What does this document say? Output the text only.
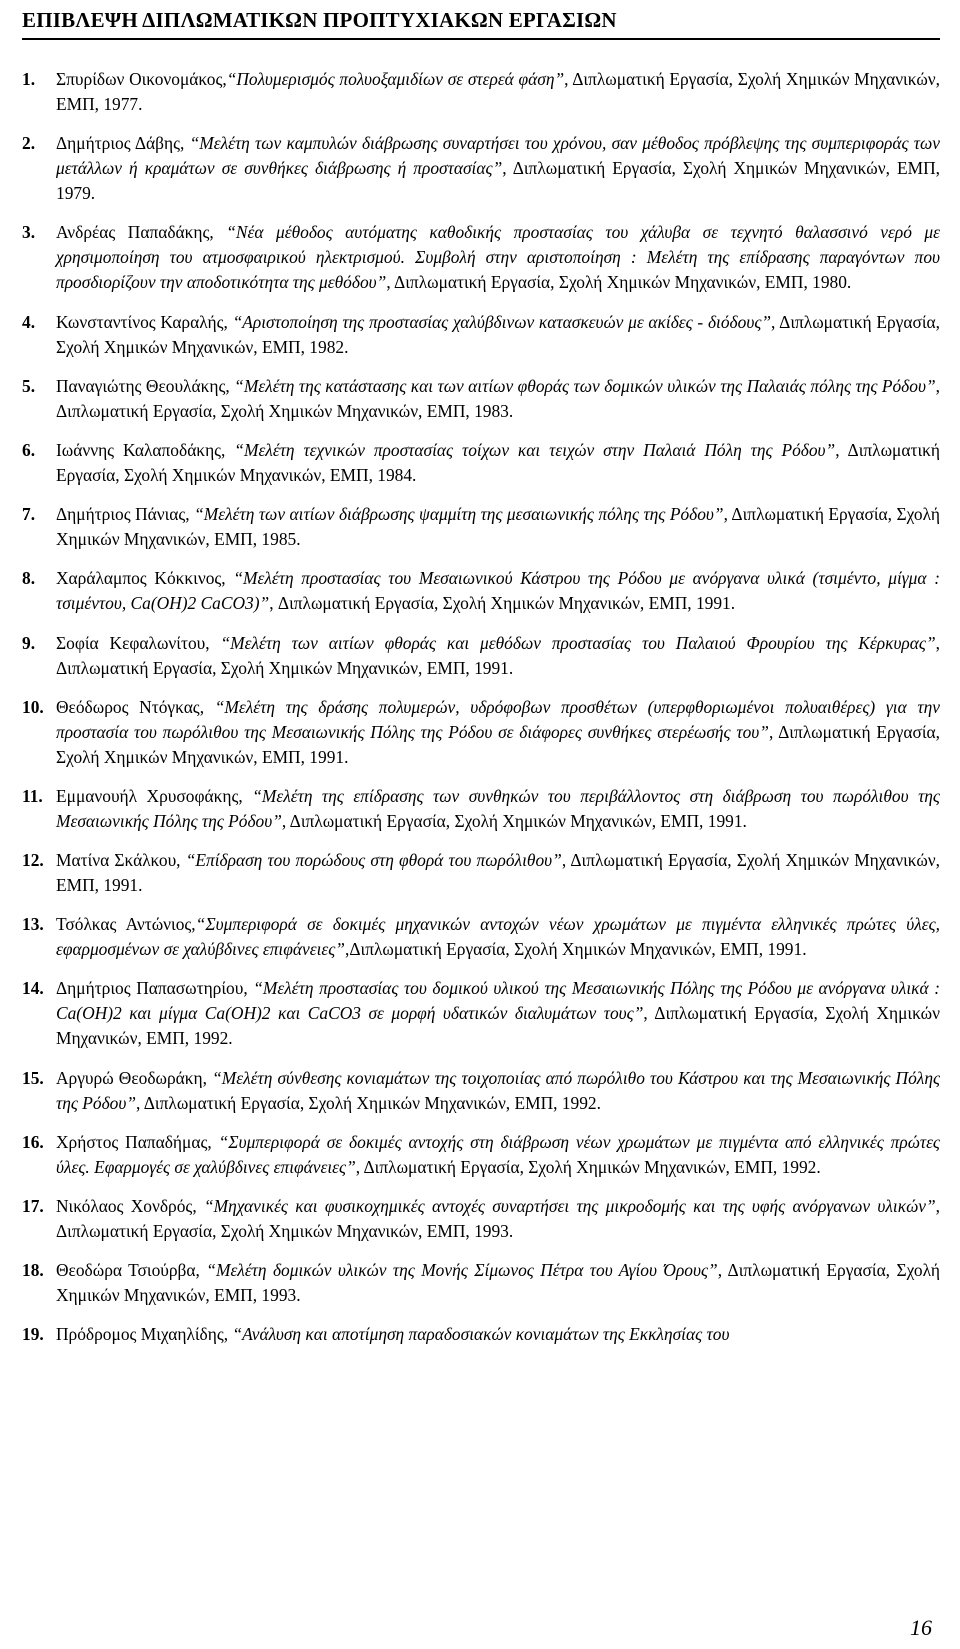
ΕΠΙΒΛΕΨΗ ΔΙΠΛΩΜΑΤΙΚΩΝ ΠΡΟΠΤΥΧΙΑΚΩΝ ΕΡΓΑΣΙΩΝ
1. Σπυρίδων Οικονομάκος,“Πολυμερισμός πολυοξαμιδίων σε στερεά φάση”, Διπλωματική Εργασία, Σχολή Χημικών Μηχανικών, ΕΜΠ, 1977.
2. Δημήτριος Δάβης, “Μελέτη των καμπυλών διάβρωσης συναρτήσει του χρόνου, σαν μέθοδος πρόβλεψης της συμπεριφοράς των μετάλλων ή κραμάτων σε συνθήκες διάβρωσης ή προστασίας”, Διπλωματική Εργασία, Σχολή Χημικών Μηχανικών, ΕΜΠ, 1979.
3. Ανδρέας Παπαδάκης, “Νέα μέθοδος αυτόματης καθοδικής προστασίας του χάλυβα σε τεχνητό θαλασσινό νερό με χρησιμοποίηση του ατμοσφαιρικού ηλεκτρισμού. Συμβολή στην αριστοποίηση : Μελέτη της επίδρασης παραγόντων που προσδιορίζουν την αποδοτικότητα της μεθόδου”, Διπλωματική Εργασία, Σχολή Χημικών Μηχανικών, ΕΜΠ, 1980.
4. Κωνσταντίνος Καραλής, “Αριστοποίηση της προστασίας χαλύβδινων κατασκευών με ακίδες - διόδους”, Διπλωματική Εργασία, Σχολή Χημικών Μηχανικών, ΕΜΠ, 1982.
5. Παναγιώτης Θεουλάκης, “Μελέτη της κατάστασης και των αιτίων φθοράς των δομικών υλικών της Παλαιάς πόλης της Ρόδου”, Διπλωματική Εργασία, Σχολή Χημικών Μηχανικών, ΕΜΠ, 1983.
6. Ιωάννης Καλαποδάκης, “Μελέτη τεχνικών προστασίας τοίχων και τειχών στην Παλαιά Πόλη της Ρόδου”, Διπλωματική Εργασία, Σχολή Χημικών Μηχανικών, ΕΜΠ, 1984.
7. Δημήτριος Πάνιας, “Μελέτη των αιτίων διάβρωσης ψαμμίτη της μεσαιωνικής πόλης της Ρόδου”, Διπλωματική Εργασία, Σχολή Χημικών Μηχανικών, ΕΜΠ, 1985.
8. Χαράλαμπος Κόκκινος, “Μελέτη προστασίας του Μεσαιωνικού Κάστρου της Ρόδου με ανόργανα υλικά (τσιμέντο, μίγμα : τσιμέντου, Ca(OH)2 CaCO3)”, Διπλωματική Εργασία, Σχολή Χημικών Μηχανικών, ΕΜΠ, 1991.
9. Σοφία Κεφαλωνίτου, “Μελέτη των αιτίων φθοράς και μεθόδων προστασίας του Παλαιού Φρουρίου της Κέρκυρας”, Διπλωματική Εργασία, Σχολή Χημικών Μηχανικών, ΕΜΠ, 1991.
10. Θεόδωρος Ντόγκας, “Μελέτη της δράσης πολυμερών, υδρόφοβων προσθέτων (υπερφθοριωμένοι πολυαιθέρες) για την προστασία του πωρόλιθου της Μεσαιωνικής Πόλης της Ρόδου σε διάφορες συνθήκες στερέωσής του”, Διπλωματική Εργασία, Σχολή Χημικών Μηχανικών, ΕΜΠ, 1991.
11. Εμμανουήλ Χρυσοφάκης, “Μελέτη της επίδρασης των συνθηκών του περιβάλλοντος στη διάβρωση του πωρόλιθου της Μεσαιωνικής Πόλης της Ρόδου”, Διπλωματική Εργασία, Σχολή Χημικών Μηχανικών, ΕΜΠ, 1991.
12. Ματίνα Σκάλκου, “Επίδραση του πορώδους στη φθορά του πωρόλιθου”, Διπλωματική Εργασία, Σχολή Χημικών Μηχανικών, ΕΜΠ, 1991.
13. Τσόλκας Αντώνιος,“Συμπεριφορά σε δοκιμές μηχανικών αντοχών νέων χρωμάτων με πιγμέντα ελληνικές πρώτες ύλες, εφαρμοσμένων σε χαλύβδινες επιφάνειες”,Διπλωματική Εργασία, Σχολή Χημικών Μηχανικών, ΕΜΠ, 1991.
14. Δημήτριος Παπασωτηρίου, “Μελέτη προστασίας του δομικού υλικού της Μεσαιωνικής Πόλης της Ρόδου με ανόργανα υλικά : Ca(OH)2 και μίγμα Ca(OH)2 και CaCO3 σε μορφή υδατικών διαλυμάτων τους”, Διπλωματική Εργασία, Σχολή Χημικών Μηχανικών, ΕΜΠ, 1992.
15. Αργυρώ Θεοδωράκη, “Μελέτη σύνθεσης κονιαμάτων της τοιχοποιίας από πωρόλιθο του Κάστρου και της Μεσαιωνικής Πόλης της Ρόδου”, Διπλωματική Εργασία, Σχολή Χημικών Μηχανικών, ΕΜΠ, 1992.
16. Χρήστος Παπαδήμας, “Συμπεριφορά σε δοκιμές αντοχής στη διάβρωση νέων χρωμάτων με πιγμέντα από ελληνικές πρώτες ύλες. Εφαρμογές σε χαλύβδινες επιφάνειες”, Διπλωματική Εργασία, Σχολή Χημικών Μηχανικών, ΕΜΠ, 1992.
17. Νικόλαος Χονδρός, “Μηχανικές και φυσικοχημικές αντοχές συναρτήσει της μικροδομής και της υφής ανόργανων υλικών”, Διπλωματική Εργασία, Σχολή Χημικών Μηχανικών, ΕΜΠ, 1993.
18. Θεοδώρα Τσιούρβα, “Μελέτη δομικών υλικών της Μονής Σίμωνος Πέτρα του Αγίου Όρους”, Διπλωματική Εργασία, Σχολή Χημικών Μηχανικών, ΕΜΠ, 1993.
19. Πρόδρομος Μιχαηλίδης, “Ανάλυση και αποτίμηση παραδοσιακών κονιαμάτων της Εκκλησίας του
16
